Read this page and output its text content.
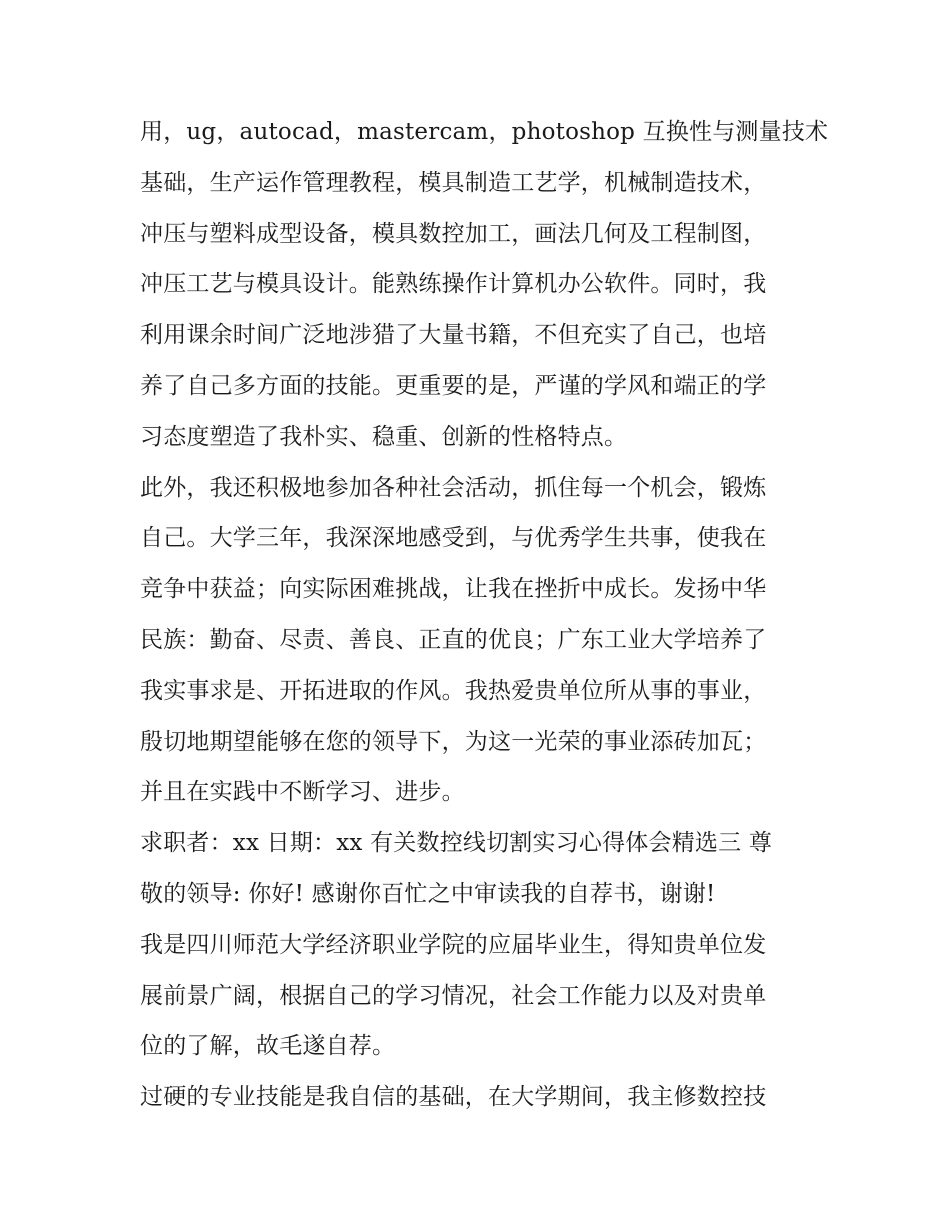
用，ug，autocad，mastercam，photoshop 互换性与测量技术
基础，生产运作管理教程，模具制造工艺学，机械制造技术，
冲压与塑料成型设备，模具数控加工，画法几何及工程制图，
冲压工艺与模具设计。能熟练操作计算机办公软件。同时，我
利用课余时间广泛地涉猎了大量书籍，不但充实了自己，也培
养了自己多方面的技能。更重要的是，严谨的学风和端正的学
习态度塑造了我朴实、稳重、创新的性格特点。
此外，我还积极地参加各种社会活动，抓住每一个机会，锻炼
自己。大学三年，我深深地感受到，与优秀学生共事，使我在
竞争中获益；向实际困难挑战，让我在挫折中成长。发扬中华
民族：勤奋、尽责、善良、正直的优良；广东工业大学培养了
我实事求是、开拓进取的作风。我热爱贵单位所从事的事业，
殷切地期望能够在您的领导下，为这一光荣的事业添砖加瓦；
并且在实践中不断学习、进步。
求职者：xx 日期：xx 有关数控线切割实习心得体会精选三 尊
敬的领导: 你好! 感谢你百忙之中审读我的自荐书，谢谢!
我是四川师范大学经济职业学院的应届毕业生，得知贵单位发
展前景广阔，根据自己的学习情况，社会工作能力以及对贵单
位的了解，故毛遂自荐。
过硬的专业技能是我自信的基础，在大学期间，我主修数控技
